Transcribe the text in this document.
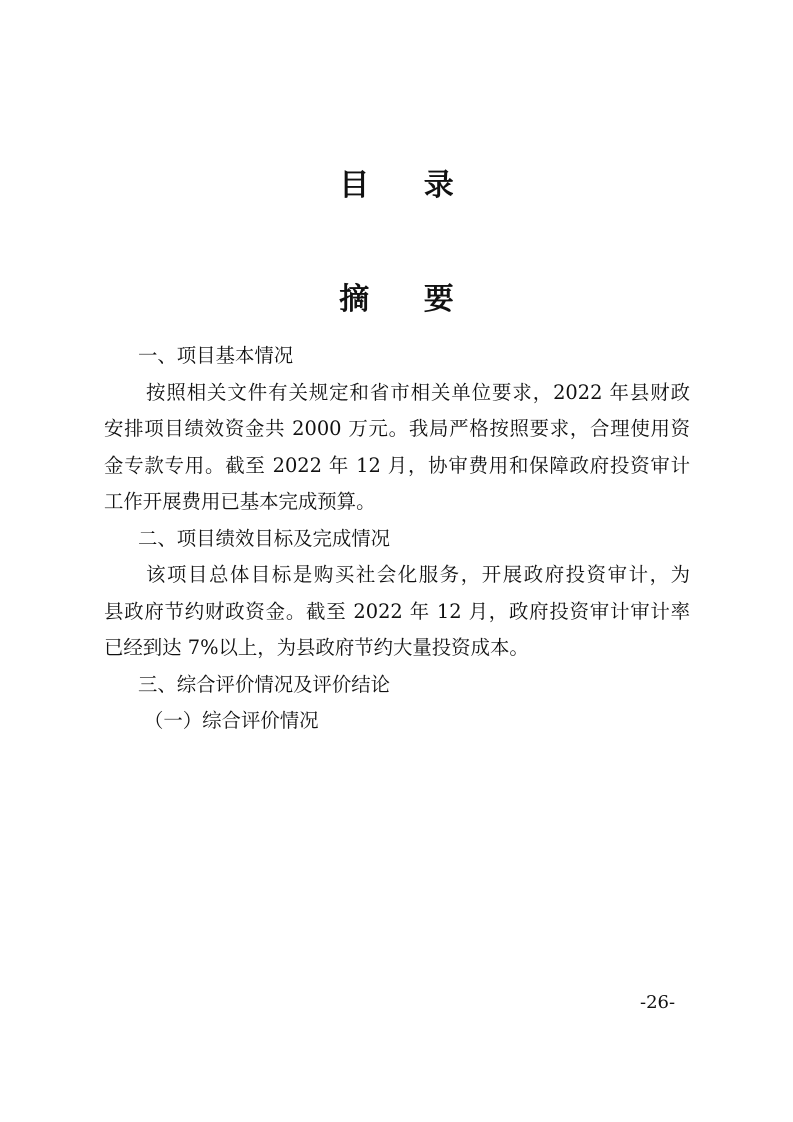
目 录
摘 要
一、项目基本情况
按照相关文件有关规定和省市相关单位要求，2022 年县财政
安排项目绩效资金共 2000 万元。我局严格按照要求，合理使用资
金专款专用。截至 2022 年 12 月，协审费用和保障政府投资审计
工作开展费用已基本完成预算。
二、项目绩效目标及完成情况
该项目总体目标是购买社会化服务，开展政府投资审计，为
县政府节约财政资金。截至 2022 年 12 月，政府投资审计审计率
已经到达 7%以上，为县政府节约大量投资成本。
三、综合评价情况及评价结论
（一）综合评价情况
-26-
